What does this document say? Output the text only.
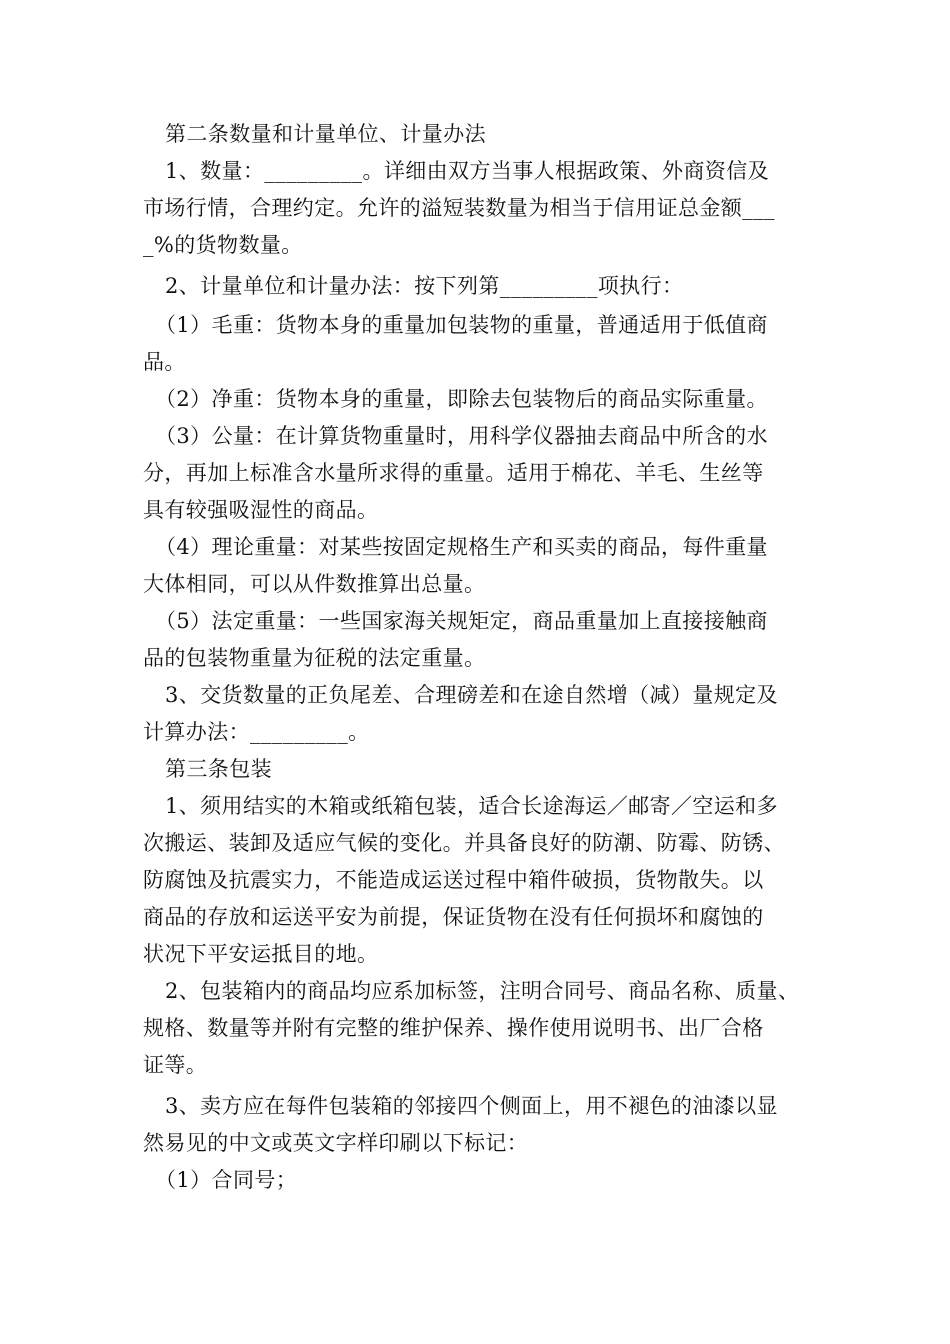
第二条数量和计量单位、计量办法

1、数量：_________。详细由双方当事人根据政策、外商资信及

市场行情，合理约定。允许的溢短装数量为相当于信用证总金额___

_%的货物数量。

2、计量单位和计量办法：按下列第_________项执行：

（1）毛重：货物本身的重量加包装物的重量，普通适用于低值商

品。

（2）净重：货物本身的重量，即除去包装物后的商品实际重量。

（3）公量：在计算货物重量时，用科学仪器抽去商品中所含的水

分，再加上标准含水量所求得的重量。适用于棉花、羊毛、生丝等

具有较强吸湿性的商品。

（4）理论重量：对某些按固定规格生产和买卖的商品，每件重量

大体相同，可以从件数推算出总量。

（5）法定重量：一些国家海关规矩定，商品重量加上直接接触商

品的包装物重量为征税的法定重量。

3、交货数量的正负尾差、合理磅差和在途自然增（减）量规定及

计算办法：_________。

第三条包装

1、须用结实的木箱或纸箱包装，适合长途海运／邮寄／空运和多

次搬运、装卸及适应气候的变化。并具备良好的防潮、防霉、防锈、

防腐蚀及抗震实力，不能造成运送过程中箱件破损，货物散失。以

商品的存放和运送平安为前提，保证货物在没有任何损坏和腐蚀的

状况下平安运抵目的地。

2、包装箱内的商品均应系加标签，注明合同号、商品名称、质量、

规格、数量等并附有完整的维护保养、操作使用说明书、出厂合格

证等。

3、卖方应在每件包装箱的邻接四个侧面上，用不褪色的油漆以显

然易见的中文或英文字样印刷以下标记：

（1）合同号；
